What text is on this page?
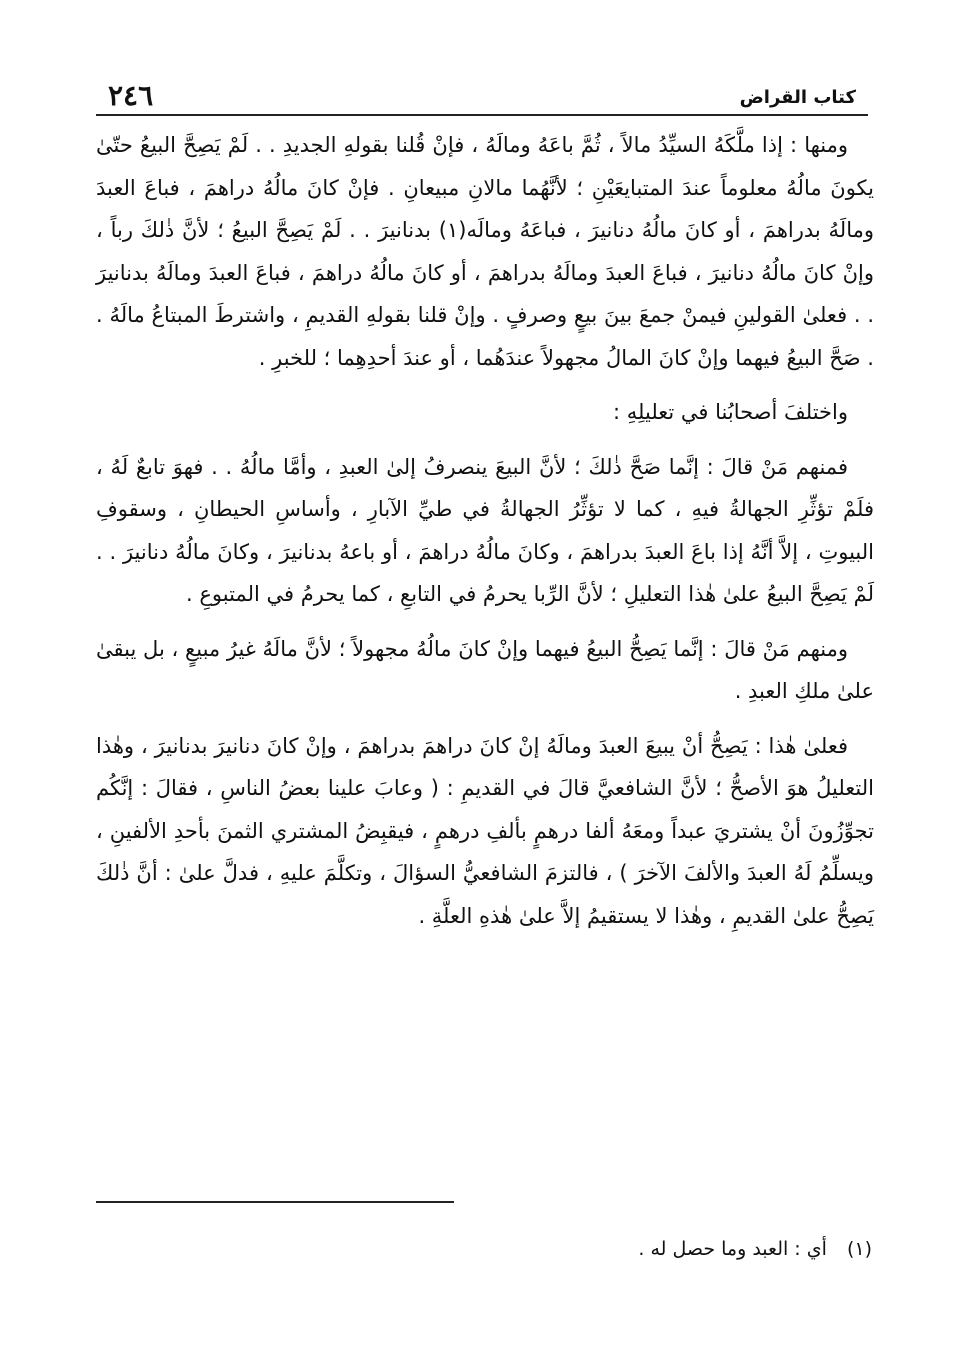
٢٤٦	كتاب القراض

ومنها : إذا ملَّكَهُ السيِّدُ مالاً ، ثُمَّ باعَهُ ومالَهُ ، فإنْ قُلنا بقولهِ الجديدِ . . لَمْ يَصِحَّ البيعُ حتّىٰ يكونَ مالُهُ معلوماً عندَ المتبايعَيْنِ ؛ لأنَّهُما مالانِ مبيعانِ . فإنْ كانَ مالُهُ دراهمَ ، فباعَ العبدَ ومالَهُ بدراهمَ ، أو كانَ مالُهُ دنانيرَ ، فباعَهُ ومالَه(١) بدنانيرَ . . لَمْ يَصِحَّ البيعُ ؛ لأنَّ ذٰلكَ رباً ، وإنْ كانَ مالُهُ دنانيرَ ، فباعَ العبدَ ومالَهُ بدراهمَ ، أو كانَ مالُهُ دراهمَ ، فباعَ العبدَ ومالَهُ بدنانيرَ . . فعلىٰ القولينِ فيمنْ جمعَ بينَ بيعٍ وصرفٍ . وإنْ قلنا بقولهِ القديمِ ، واشترطَ المبتاعُ مالَهُ . . صَحَّ البيعُ فيهما وإنْ كانَ المالُ مجهولاً عندَهُما ، أو عندَ أحدِهِما ؛ للخبرِ .

واختلفَ أصحابُنا في تعليلِهِ :

فمنهم مَنْ قالَ : إنَّما صَحَّ ذٰلكَ ؛ لأنَّ البيعَ ينصرفُ إلىٰ العبدِ ، وأمَّا مالُهُ . . فهوَ تابعٌ لَهُ ، فلَمْ تؤثِّرِ الجهالةُ فيهِ ، كما لا تؤثِّرُ الجهالةُ في طيِّ الآبارِ ، وأساسِ الحيطانِ ، وسقوفِ البيوتِ ، إلاَّ أنَّهُ إذا باعَ العبدَ بدراهمَ ، وكانَ مالُهُ دراهمَ ، أو باعهُ بدنانيرَ ، وكانَ مالُهُ دنانيرَ . . لَمْ يَصِحَّ البيعُ علىٰ هٰذا التعليلِ ؛ لأنَّ الرِّبا يحرمُ في التابعِ ، كما يحرمُ في المتبوعِ .

ومنهم مَنْ قالَ : إنَّما يَصِحُّ البيعُ فيهما وإنْ كانَ مالُهُ مجهولاً ؛ لأنَّ مالَهُ غيرُ مبيعٍ ، بل يبقىٰ علىٰ ملكِ العبدِ .

فعلىٰ هٰذا : يَصِحُّ أنْ يبيعَ العبدَ ومالَهُ إنْ كانَ دراهمَ بدراهمَ ، وإنْ كانَ دنانيرَ بدنانيرَ ، وهٰذا التعليلُ هوَ الأصحُّ ؛ لأنَّ الشافعيَّ قالَ في القديمِ : ( وعابَ علينا بعضُ الناسِ ، فقالَ : إنَّكُم تجوِّزُونَ أنْ يشتريَ عبداً ومعَهُ ألفا درهمٍ بألفِ درهمٍ ، فيقبِضُ المشتري الثمنَ بأحدِ الألفينِ ، ويسلِّمُ لَهُ العبدَ والألفَ الآخرَ ) ، فالتزمَ الشافعيُّ السؤالَ ، وتكلَّمَ عليهِ ، فدلَّ علىٰ : أنَّ ذٰلكَ يَصِحُّ علىٰ القديمِ ، وهٰذا لا يستقيمُ إلاَّ علىٰ هٰذهِ العلَّةِ .

(١) أي : العبد وما حصل له .
